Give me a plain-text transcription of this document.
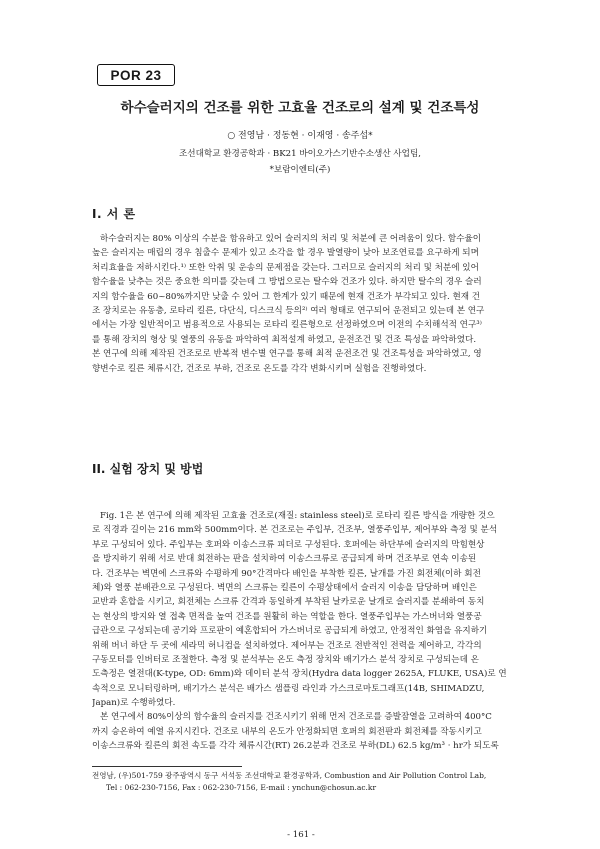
POR 23
하수슬러지의 건조를 위한 고효율 건조로의 설계 및 건조특성
○ 전영남 · 정동현 · 이재영 · 송주섭*
조선대학교 환경공학과 · BK21 바이오가스기반수소생산 사업팀,
*보람이엔티(주)
I. 서 론
하수슬러지는 80% 이상의 수분을 함유하고 있어 슬러지의 처리 및 처분에 큰 어려움이 있다. 함수율이
높은 슬러지는 매립의 경우 침출수 문제가 있고 소각을 할 경우 발열량이 낮아 보조연료를 요구하게 되며
처리효율을 저하시킨다.¹⁾ 또한 악취 및 운송의 문제점을 갖는다. 그러므로 슬러지의 처리 및 처분에 있어
함수율을 낮추는 것은 중요한 의미를 갖는데 그 방법으로는 탈수와 건조가 있다. 하지만 탈수의 경우 슬러
지의 함수율을 60~80%까지만 낮출 수 있어 그 한계가 있기 때문에 현재 건조가 부각되고 있다. 현재 건
조 장치로는 유동층, 로타리 킬른, 다단식, 디스크식 등의²⁾ 여러 형태로 연구되어 운전되고 있는데 본 연구
에서는 가장 일반적이고 범용적으로 사용되는 로타리 킬른형으로 선정하였으며 이전의 수치해석적 연구³⁾
를 통해 장치의 형상 및 열풍의 유동을 파악하여 최적설계 하였고, 운전조건 및 건조 특성을 파악하였다.
본 연구에 의해 제작된 건조로로 반복적 변수별 연구를 통해 최적 운전조건 및 건조특성을 파악하였고, 영
향변수로 킬른 체류시간, 건조로 부하, 건조로 온도를 각각 변화시키며 실험을 진행하였다.
II. 실험 장치 및 방법
Fig. 1은 본 연구에 의해 제작된 고효율 건조로(재질: stainless steel)로 로타리 킬른 방식을 개량한 것으
로 직경과 길이는 216 mm와 500mm이다. 본 건조로는 주입부, 건조부, 열풍주입부, 제어부와 측정 및 분석
부로 구성되어 있다. 주입부는 호퍼와 이송스크류 피더로 구성된다. 호퍼에는 하단부에 슬러지의 막힘현상
을 방지하기 위해 서로 반대 회전하는 판을 설치하여 이송스크류로 공급되게 하며 건조부로 연속 이송된
다. 건조부는 벽면에 스크류와 수평하게 90°간격마다 배인을 부착한 킬른, 날개를 가진 회전체(이하 회전
체)와 열풍 분배관으로 구성된다. 벽면의 스크류는 킬른이 수평상태에서 슬러지 이송을 담당하며 배인은
교반과 혼합을 시키고, 회전체는 스크류 간격과 동일하게 부착된 날카로운 날개로 슬러지를 분쇄하여 동치
는 현상의 방지와 열 접촉 면적을 높여 건조를 원활히 하는 역할을 한다. 열풍주입부는 가스버너와 열풍공
급관으로 구성되는데 공기와 프로판이 예혼합되어 가스버너로 공급되게 하였고, 안정적인 화염을 유지하기
위해 버너 하단 두 곳에 세라믹 허니컴을 설치하였다. 제어부는 건조로 전반적인 전력을 제어하고, 각각의
구동모터를 인버터로 조절한다. 측정 및 분석부는 온도 측정 장치와 배기가스 분석 장치로 구성되는데 온
도측정은 열전대(K-type, OD: 6mm)와 데이터 분석 장치(Hydra data logger 2625A, FLUKE, USA)로 연
속적으로 모니터링하며, 배기가스 분석은 배가스 샘플링 라인과 가스크로마토그래프(14B, SHIMADZU,
Japan)로 수행하였다.
본 연구에서 80%이상의 함수율의 슬러지를 건조시키기 위해 먼저 건조로를 증발잠열을 고려하여 400°C
까지 승온하여 예열 유지시킨다. 건조로 내부의 온도가 안정화되면 호퍼의 회전판과 회전체를 작동시키고
이송스크류와 킬른의 회전 속도를 각각 체류시간(RT) 26.2분과 건조로 부하(DL) 62.5 kg/m³ · hr가 되도록
전영남, (우)501-759 광주광역시 동구 서석동 조선대학교 환경공학과, Combustion and Air Pollution Control Lab,
Tel : 062-230-7156, Fax : 062-230-7156, E-mail : ynchun@chosun.ac.kr
- 161 -
